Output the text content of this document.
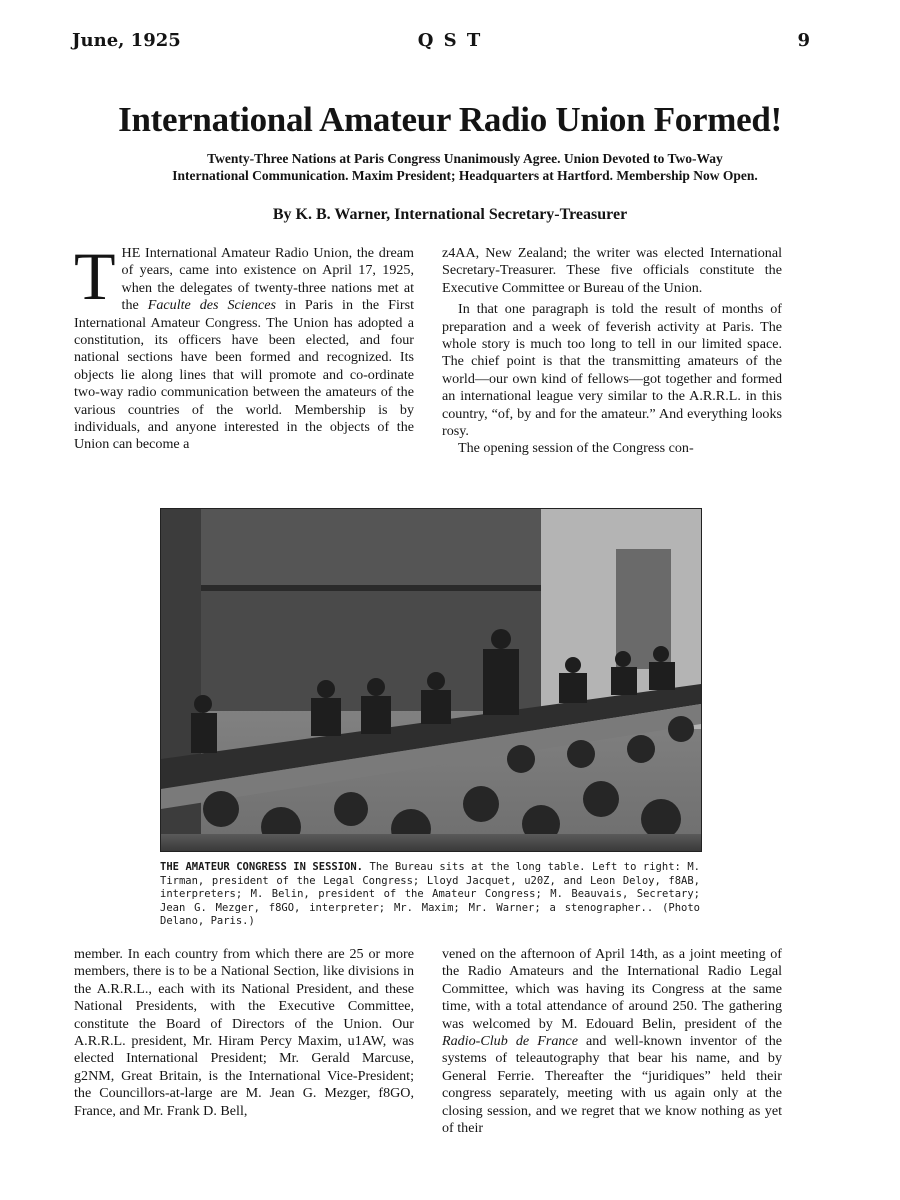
June, 1925	Q S T	9
International Amateur Radio Union Formed!
Twenty-Three Nations at Paris Congress Unanimously Agree. Union Devoted to Two-Way International Communication. Maxim President; Headquarters at Hartford. Membership Now Open.
By K. B. Warner, International Secretary-Treasurer

THE International Amateur Radio Union, the dream of years, came into existence on April 17, 1925, when the delegates of twenty-three nations met at the Faculte des Sciences in Paris in the First International Amateur Congress. The Union has adopted a constitution, its officers have been elected, and four national sections have been formed and recognized. Its objects lie along lines that will promote and co-ordinate two-way radio communication between the amateurs of the various countries of the world. Membership is by individuals, and anyone interested in the objects of the Union can become a

z4AA, New Zealand; the writer was elected International Secretary-Treasurer. These five officials constitute the Executive Committee or Bureau of the Union.

In that one paragraph is told the result of months of preparation and a week of feverish activity at Paris. The whole story is much too long to tell in our limited space. The chief point is that the transmitting amateurs of the world—our own kind of fellows—got together and formed an international league very similar to the A.R.R.L. in this country, “of, by and for the amateur.” And everything looks rosy.

The opening session of the Congress con-

THE AMATEUR CONGRESS IN SESSION. The Bureau sits at the long table. Left to right: M. Tirman, president of the Legal Congress; Lloyd Jacquet, u20Z, and Leon Deloy, f8AB, interpreters; M. Belin, president of the Amateur Congress; M. Beauvais, Secretary; Jean G. Mezger, f8GO, interpreter; Mr. Maxim; Mr. Warner; a stenographer.. (Photo Delano, Paris.)

member. In each country from which there are 25 or more members, there is to be a National Section, like divisions in the A.R.R.L., each with its National President, and these National Presidents, with the Executive Committee, constitute the Board of Directors of the Union. Our A.R.R.L. president, Mr. Hiram Percy Maxim, u1AW, was elected International President; Mr. Gerald Marcuse, g2NM, Great Britain, is the International Vice-President; the Councillors-at-large are M. Jean G. Mezger, f8GO, France, and Mr. Frank D. Bell,

vened on the afternoon of April 14th, as a joint meeting of the Radio Amateurs and the International Radio Legal Committee, which was having its Congress at the same time, with a total attendance of around 250. The gathering was welcomed by M. Edouard Belin, president of the Radio-Club de France and well-known inventor of the systems of teleautography that bear his name, and by General Ferrie. Thereafter the “juridiques” held their congress separately, meeting with us again only at the closing session, and we regret that we know nothing as yet of their
